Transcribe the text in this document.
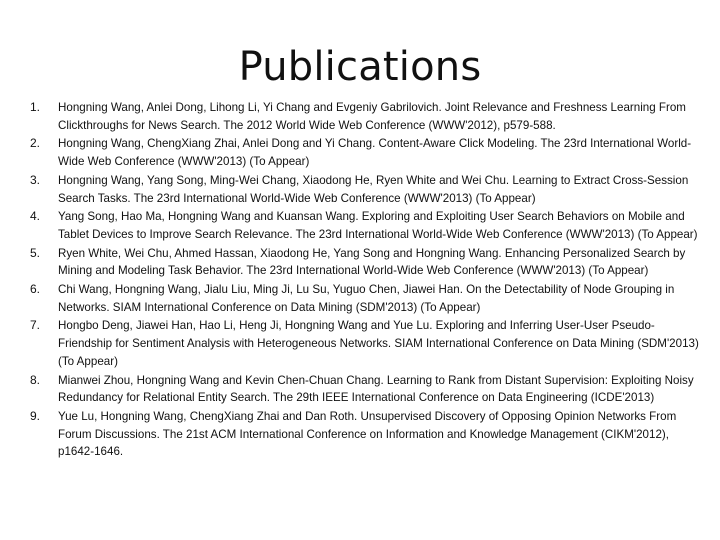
Publications
1.	Hongning Wang, Anlei Dong, Lihong Li, Yi Chang and Evgeniy Gabrilovich. Joint Relevance and Freshness Learning From Clickthroughs for News Search. The 2012 World Wide Web Conference (WWW'2012), p579-588.
2.	Hongning Wang, ChengXiang Zhai, Anlei Dong and Yi Chang. Content-Aware Click Modeling. The 23rd International World-Wide Web Conference (WWW'2013) (To Appear)
3.	Hongning Wang, Yang Song, Ming-Wei Chang, Xiaodong He, Ryen White and Wei Chu. Learning to Extract Cross-Session Search Tasks. The 23rd International World-Wide Web Conference (WWW'2013) (To Appear)
4.	Yang Song, Hao Ma, Hongning Wang and Kuansan Wang. Exploring and Exploiting User Search Behaviors on Mobile and Tablet Devices to Improve Search Relevance. The 23rd International World-Wide Web Conference (WWW'2013) (To Appear)
5.	Ryen White, Wei Chu, Ahmed Hassan, Xiaodong He, Yang Song and Hongning Wang. Enhancing Personalized Search by Mining and Modeling Task Behavior. The 23rd International World-Wide Web Conference (WWW'2013) (To Appear)
6.	Chi Wang, Hongning Wang, Jialu Liu, Ming Ji, Lu Su, Yuguo Chen, Jiawei Han. On the Detectability of Node Grouping in Networks. SIAM International Conference on Data Mining (SDM'2013) (To Appear)
7.	Hongbo Deng, Jiawei Han, Hao Li, Heng Ji, Hongning Wang and Yue Lu. Exploring and Inferring User-User Pseudo-Friendship for Sentiment Analysis with Heterogeneous Networks. SIAM International Conference on Data Mining (SDM'2013) (To Appear)
8.	Mianwei Zhou, Hongning Wang and Kevin Chen-Chuan Chang. Learning to Rank from Distant Supervision: Exploiting Noisy Redundancy for Relational Entity Search. The 29th IEEE International Conference on Data Engineering (ICDE'2013)
9.	Yue Lu, Hongning Wang, ChengXiang Zhai and Dan Roth. Unsupervised Discovery of Opposing Opinion Networks From Forum Discussions. The 21st ACM International Conference on Information and Knowledge Management (CIKM'2012), p1642-1646.
